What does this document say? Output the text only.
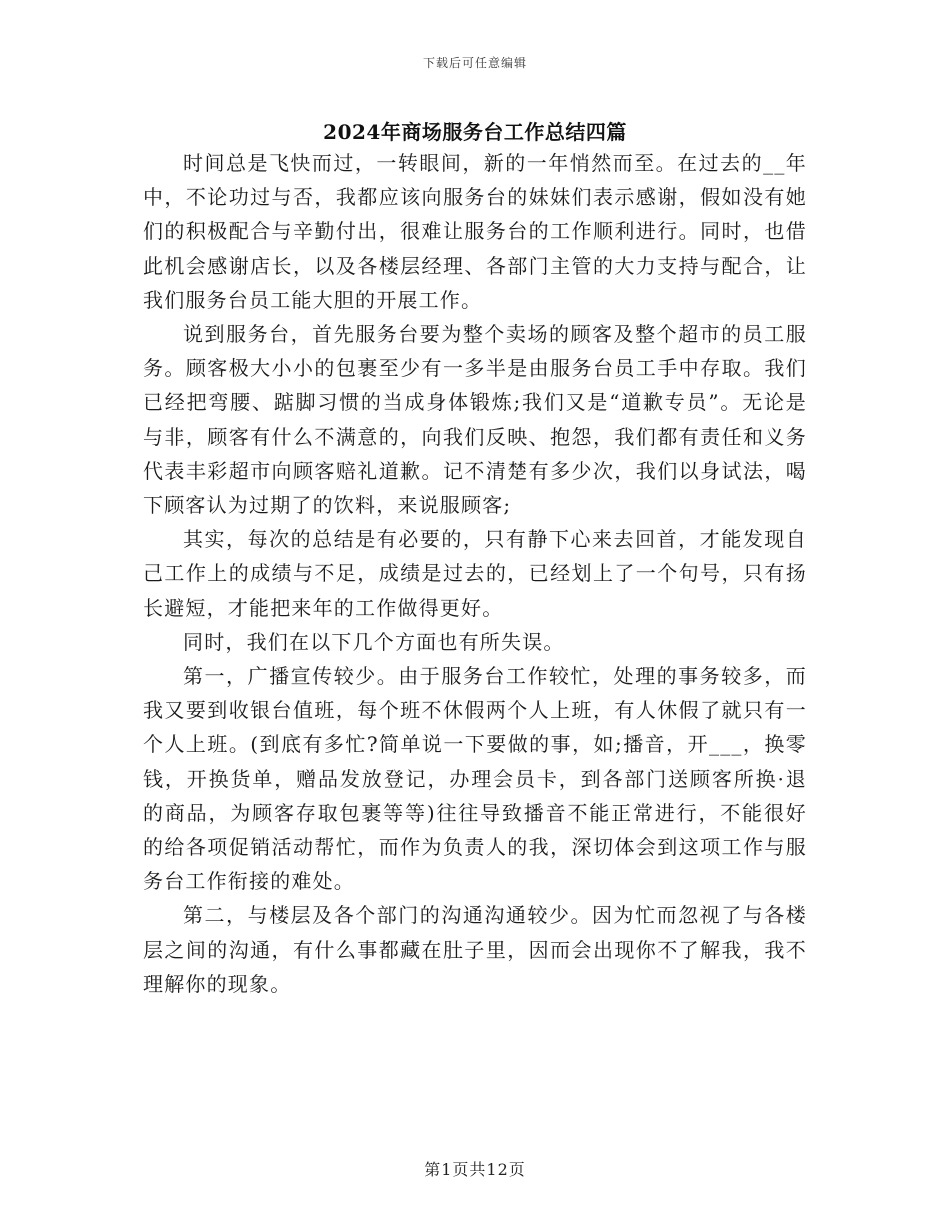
下载后可任意编辑
2024年商场服务台工作总结四篇

时间总是飞快而过，一转眼间，新的一年悄然而至。在过去的__年中，不论功过与否，我都应该向服务台的妹妹们表示感谢，假如没有她们的积极配合与辛勤付出，很难让服务台的工作顺利进行。同时，也借此机会感谢店长，以及各楼层经理、各部门主管的大力支持与配合，让我们服务台员工能大胆的开展工作。

说到服务台，首先服务台要为整个卖场的顾客及整个超市的员工服务。顾客极大小小的包裹至少有一多半是由服务台员工手中存取。我们已经把弯腰、踮脚习惯的当成身体锻炼;我们又是“道歉专员”。无论是与非，顾客有什么不满意的，向我们反映、抱怨，我们都有责任和义务代表丰彩超市向顾客赔礼道歉。记不清楚有多少次，我们以身试法，喝下顾客认为过期了的饮料，来说服顾客;

其实，每次的总结是有必要的，只有静下心来去回首，才能发现自己工作上的成绩与不足，成绩是过去的，已经划上了一个句号，只有扬长避短，才能把来年的工作做得更好。

同时，我们在以下几个方面也有所失误。

第一，广播宣传较少。由于服务台工作较忙，处理的事务较多，而我又要到收银台值班，每个班不休假两个人上班，有人休假了就只有一个人上班。(到底有多忙?简单说一下要做的事，如;播音，开___，换零钱，开换货单，赠品发放登记，办理会员卡，到各部门送顾客所换·退的商品，为顾客存取包裹等等)往往导致播音不能正常进行，不能很好的给各项促销活动帮忙，而作为负责人的我，深切体会到这项工作与服务台工作衔接的难处。

第二，与楼层及各个部门的沟通沟通较少。因为忙而忽视了与各楼层之间的沟通，有什么事都藏在肚子里，因而会出现你不了解我，我不理解你的现象。

第1页共12页
